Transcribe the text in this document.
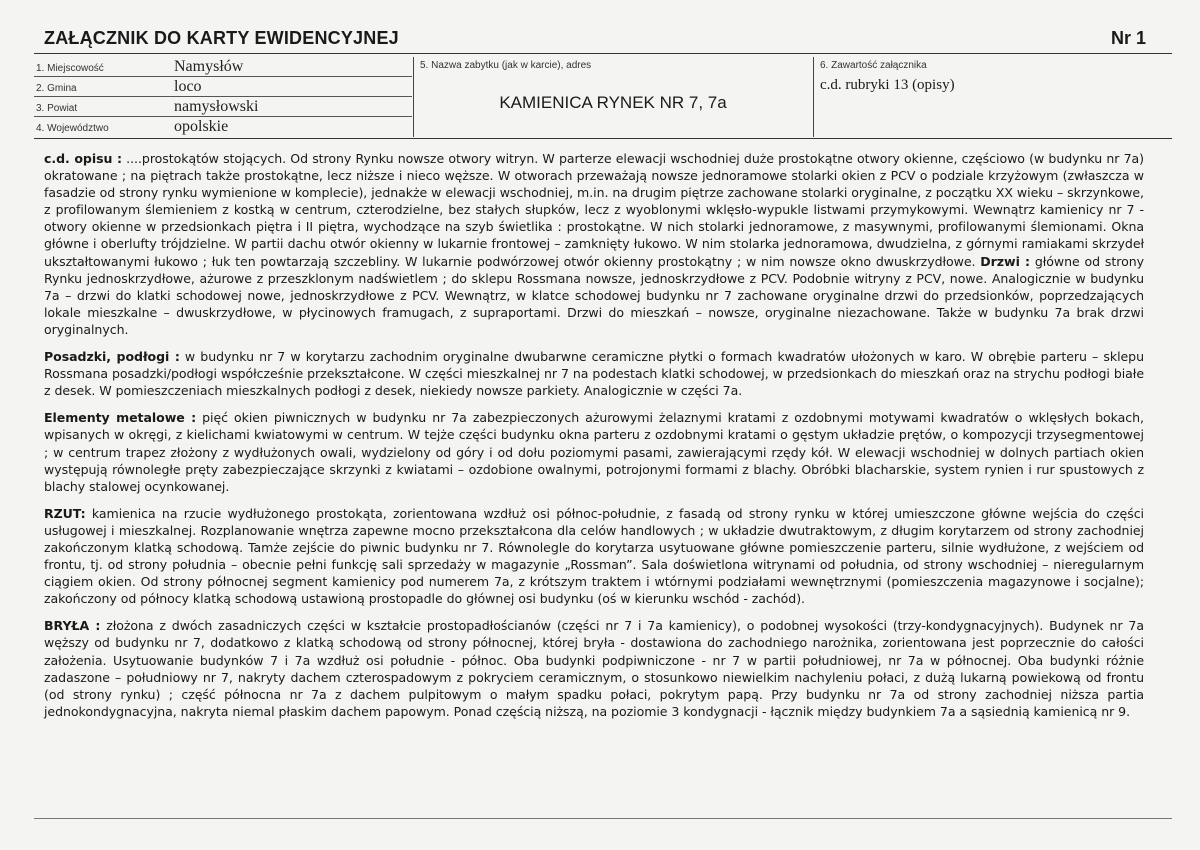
ZAŁĄCZNIK DO KARTY EWIDENCYJNEJ	Nr 1
1. Miejscowość	Namysłów
2. Gmina	loco
3. Powiat	namysłowski
4. Województwo	opolskie
5. Nazwa zabytku (jak w karcie), adres
KAMIENICA RYNEK NR 7, 7a
6. Zawartość załącznika
c.d. rubryki 13 (opisy)

c.d. opisu : ....prostokątów stojących. Od strony Rynku nowsze otwory witryn. W parterze elewacji wschodniej duże prostokątne otwory okienne, częściowo (w budynku nr 7a) okratowane ; na piętrach także prostokątne, lecz niższe i nieco węższe. W otworach przeważają nowsze jednoramowe stolarki okien z PCV o podziale krzyżowym (zwłaszcza w fasadzie od strony rynku wymienione w komplecie), jednakże w elewacji wschodniej, m.in. na drugim piętrze zachowane stolarki oryginalne, z początku XX wieku – skrzynkowe, z profilowanym ślemieniem z kostką w centrum, czterodzielne, bez stałych słupków, lecz z wyoblonymi wklęsło-wypukle listwami przymykowymi. Wewnątrz kamienicy nr 7 - otwory okienne w przedsionkach piętra i II piętra, wychodzące na szyb świetlika : prostokątne. W nich stolarki jednoramowe, z masywnymi, profilowanymi ślemionami. Okna główne i oberlufty trójdzielne. W partii dachu otwór okienny w lukarnie frontowej – zamknięty łukowo. W nim stolarka jednoramowa, dwudzielna, z górnymi ramiakami skrzydeł ukształtowanymi łukowo ; łuk ten powtarzają szczebliny. W lukarnie podwórzowej otwór okienny prostokątny ; w nim nowsze okno dwuskrzydłowe. Drzwi : główne od strony Rynku jednoskrzydłowe, ażurowe z przeszklonym nadświetlem ; do sklepu Rossmana nowsze, jednoskrzydłowe z PCV. Podobnie witryny z PCV, nowe. Analogicznie w budynku 7a – drzwi do klatki schodowej nowe, jednoskrzydłowe z PCV. Wewnątrz, w klatce schodowej budynku nr 7 zachowane oryginalne drzwi do przedsionków, poprzedzających lokale mieszkalne – dwuskrzydłowe, w płycinowych framugach, z supraportami. Drzwi do mieszkań – nowsze, oryginalne niezachowane. Także w budynku 7a brak drzwi oryginalnych.

Posadzki, podłogi : w budynku nr 7 w korytarzu zachodnim oryginalne dwubarwne ceramiczne płytki o formach kwadratów ułożonych w karo. W obrębie parteru – sklepu Rossmana posadzki/podłogi współcześnie przekształcone. W części mieszkalnej nr 7 na podestach klatki schodowej, w przedsionkach do mieszkań oraz na strychu podłogi białe z desek. W pomieszczeniach mieszkalnych podłogi z desek, niekiedy nowsze parkiety. Analogicznie w części 7a.

Elementy metalowe : pięć okien piwnicznych w budynku nr 7a zabezpieczonych ażurowymi żelaznymi kratami z ozdobnymi motywami kwadratów o wklęsłych bokach, wpisanych w okręgi, z kielichami kwiatowymi w centrum. W tejże części budynku okna parteru z ozdobnymi kratami o gęstym układzie prętów, o kompozycji trzysegmentowej ; w centrum trapez złożony z wydłużonych owali, wydzielony od góry i od dołu poziomymi pasami, zawierającymi rzędy kół. W elewacji wschodniej w dolnych partiach okien występują równoległe pręty zabezpieczające skrzynki z kwiatami – ozdobione owalnymi, potrojonymi formami z blachy. Obróbki blacharskie, system rynien i rur spustowych z blachy stalowej ocynkowanej.

RZUT: kamienica na rzucie wydłużonego prostokąta, zorientowana wzdłuż osi północ-południe, z fasadą od strony rynku w której umieszczone główne wejścia do części usługowej i mieszkalnej. Rozplanowanie wnętrza zapewne mocno przekształcona dla celów handlowych ; w układzie dwutraktowym, z długim korytarzem od strony zachodniej zakończonym klatką schodową. Tamże zejście do piwnic budynku nr 7. Równolegle do korytarza usytuowane główne pomieszczenie parteru, silnie wydłużone, z wejściem od frontu, tj. od strony południa – obecnie pełni funkcję sali sprzedaży w magazynie „Rossman”. Sala doświetlona witrynami od południa, od strony wschodniej – nieregularnym ciągiem okien. Od strony północnej segment kamienicy pod numerem 7a, z krótszym traktem i wtórnymi podziałami wewnętrznymi (pomieszczenia magazynowe i socjalne); zakończony od północy klatką schodową ustawioną prostopadle do głównej osi budynku (oś w kierunku wschód - zachód).

BRYŁA : złożona z dwóch zasadniczych części w kształcie prostopadłościanów (części nr 7 i 7a kamienicy), o podobnej wysokości (trzy-kondygnacyjnych). Budynek nr 7a węższy od budynku nr 7, dodatkowo z klatką schodową od strony północnej, której bryła - dostawiona do zachodniego narożnika, zorientowana jest poprzecznie do całości założenia. Usytuowanie budynków 7 i 7a wzdłuż osi południe - północ. Oba budynki podpiwniczone - nr 7 w partii południowej, nr 7a w północnej. Oba budynki różnie zadaszone – południowy nr 7, nakryty dachem czterospadowym z pokryciem ceramicznym, o stosunkowo niewielkim nachyleniu połaci, z dużą lukarną powiekową od frontu (od strony rynku) ; część północna nr 7a z dachem pulpitowym o małym spadku połaci, pokrytym papą. Przy budynku nr 7a od strony zachodniej niższa partia jednokondygnacyjna, nakryta niemal płaskim dachem papowym. Ponad częścią niższą, na poziomie 3 kondygnacji - łącznik między budynkiem 7a a sąsiednią kamienicą nr 9.
